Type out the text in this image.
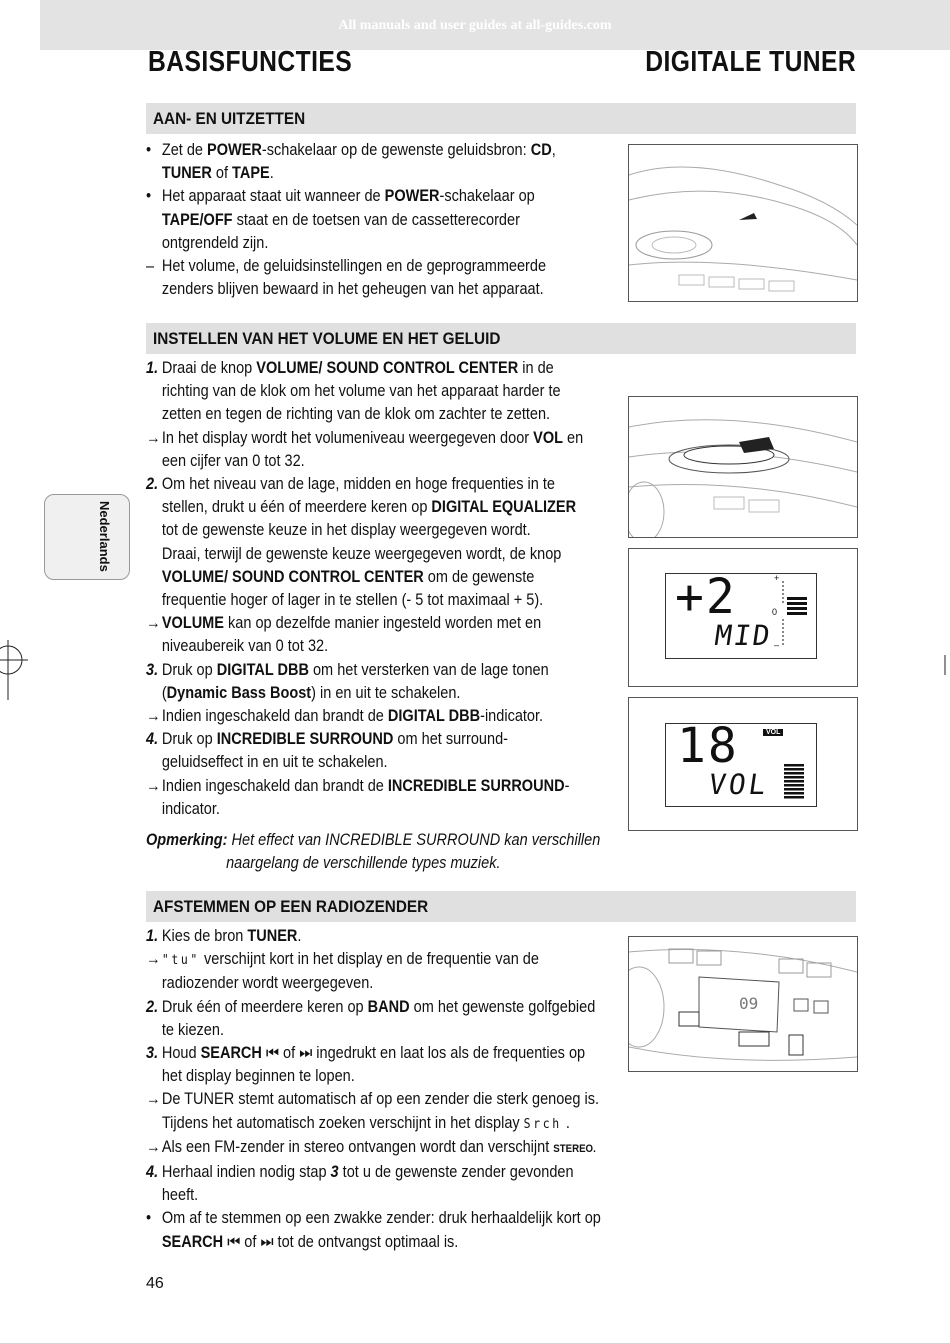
All manuals and user guides at all-guides.com
BASISFUNCTIES	DIGITALE TUNER
Nederlands
AAN- EN UITZETTEN
INSTELLEN VAN HET VOLUME EN HET GELUID
AFSTEMMEN OP EEN RADIOZENDER
• Zet de POWER-schakelaar op de gewenste geluidsbron: CD,
TUNER of TAPE.
• Het apparaat staat uit wanneer de POWER-schakelaar op
TAPE/OFF staat en de toetsen van de cassetterecorder
ontgrendeld zijn.
– Het volume, de geluidsinstellingen en de geprogrammeerde
zenders blijven bewaard in het geheugen van het apparaat.
1. Draai de knop VOLUME/ SOUND CONTROL CENTER in de
richting van de klok om het volume van het apparaat harder te
zetten en tegen de richting van de klok om zachter te zetten.
→ In het display wordt het volumeniveau weergegeven door VOL en
een cijfer van 0 tot 32.
2. Om het niveau van de lage, midden en hoge frequenties in te
stellen, drukt u één of meerdere keren op DIGITAL EQUALIZER
tot de gewenste keuze in het display weergegeven wordt.
Draai, terwijl de gewenste keuze weergegeven wordt, de knop
VOLUME/ SOUND CONTROL CENTER om de gewenste
frequentie hoger of lager in te stellen (- 5 tot maximaal + 5).
→ VOLUME kan op dezelfde manier ingesteld worden met en
niveaubereik van 0 tot 32.
3. Druk op DIGITAL DBB om het versterken van de lage tonen
(Dynamic Bass Boost) in en uit te schakelen.
→ Indien ingeschakeld dan brandt de DIGITAL DBB-indicator.
4. Druk op INCREDIBLE SURROUND om het surround-
geluidseffect in en uit te schakelen.
→ Indien ingeschakeld dan brandt de INCREDIBLE SURROUND-
indicator.
Opmerking: Het effect van INCREDIBLE SURROUND kan verschillen
naargelang de verschillende types muziek.
1. Kies de bron TUNER.
→ "tu" verschijnt kort in het display en de frequentie van de
radiozender wordt weergegeven.
2. Druk één of meerdere keren op BAND om het gewenste golfgebied
te kiezen.
3. Houd SEARCH ⏮ of ⏭ ingedrukt en laat los als de frequenties op
het display beginnen te lopen.
→ De TUNER stemt automatisch af op een zender die sterk genoeg is.
Tijdens het automatisch zoeken verschijnt in het display Srch .
→ Als een FM-zender in stereo ontvangen wordt dan verschijnt STEREO.
4. Herhaal indien nodig stap 3 tot u de gewenste zender gevonden
heeft.
• Om af te stemmen op een zwakke zender: druk herhaaldelijk kort op
SEARCH ⏮ of ⏭ tot de ontvangst optimaal is.
+2
MID
+
0
–
18
VOL
VOL
09
46
